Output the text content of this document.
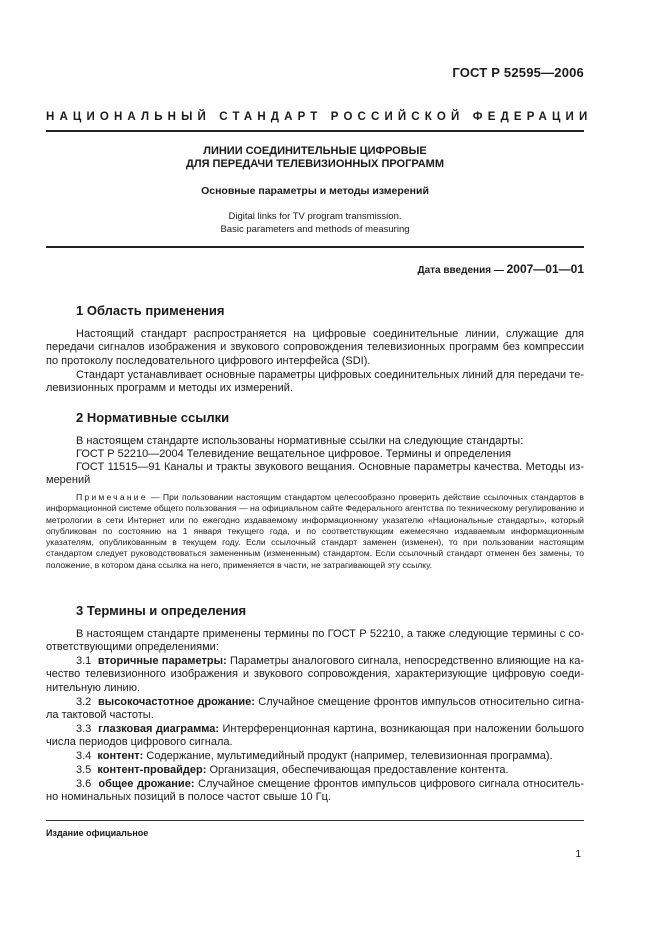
ГОСТ Р 52595—2006
НАЦИОНАЛЬНЫЙ СТАНДАРТ РОССИЙСКОЙ ФЕДЕРАЦИИ
ЛИНИИ СОЕДИНИТЕЛЬНЫЕ ЦИФРОВЫЕ
ДЛЯ ПЕРЕДАЧИ ТЕЛЕВИЗИОННЫХ ПРОГРАММ
Основные параметры и методы измерений
Digital links for TV program transmission.
Basic parameters and methods of measuring
Дата введения — 2007—01—01
1 Область применения
Настоящий стандарт распространяется на цифровые соединительные линии, служащие для передачи сигналов изображения и звукового сопровождения телевизионных программ без компрессии по протоколу последовательного цифрового интерфейса (SDI).
Стандарт устанавливает основные параметры цифровых соединительных линий для передачи телевизионных программ и методы их измерений.
2 Нормативные ссылки
В настоящем стандарте использованы нормативные ссылки на следующие стандарты:
ГОСТ Р 52210—2004 Телевидение вещательное цифровое. Термины и определения
ГОСТ 11515—91 Каналы и тракты звукового вещания. Основные параметры качества. Методы измерений
Примечание — При пользовании настоящим стандартом целесообразно проверить действие ссылочных стандартов в информационной системе общего пользования — на официальном сайте Федерального агентства по техническому регулированию и метрологии в сети Интернет или по ежегодно издаваемому информационному указателю «Национальные стандарты», который опубликован по состоянию на 1 января текущего года, и по соответствующим ежемесячно издаваемым информационным указателям, опубликованным в текущем году. Если ссылочный стандарт заменен (изменен), то при пользовании настоящим стандартом следует руководствоваться замененным (измененным) стандартом. Если ссылочный стандарт отменен без замены, то положение, в котором дана ссылка на него, применяется в части, не затрагивающей эту ссылку.
3 Термины и определения
В настоящем стандарте применены термины по ГОСТ Р 52210, а также следующие термины с соответствующими определениями:
3.1 вторичные параметры: Параметры аналогового сигнала, непосредственно влияющие на качество телевизионного изображения и звукового сопровождения, характеризующие цифровую соединительную линию.
3.2 высокочастотное дрожание: Случайное смещение фронтов импульсов относительно сигнала тактовой частоты.
3.3 глазковая диаграмма: Интерференционная картина, возникающая при наложении большого числа периодов цифрового сигнала.
3.4 контент: Содержание, мультимедийный продукт (например, телевизионная программа).
3.5 контент-провайдер: Организация, обеспечивающая предоставление контента.
3.6 общее дрожание: Случайное смещение фронтов импульсов цифрового сигнала относительно номинальных позиций в полосе частот свыше 10 Гц.
Издание официальное
1
